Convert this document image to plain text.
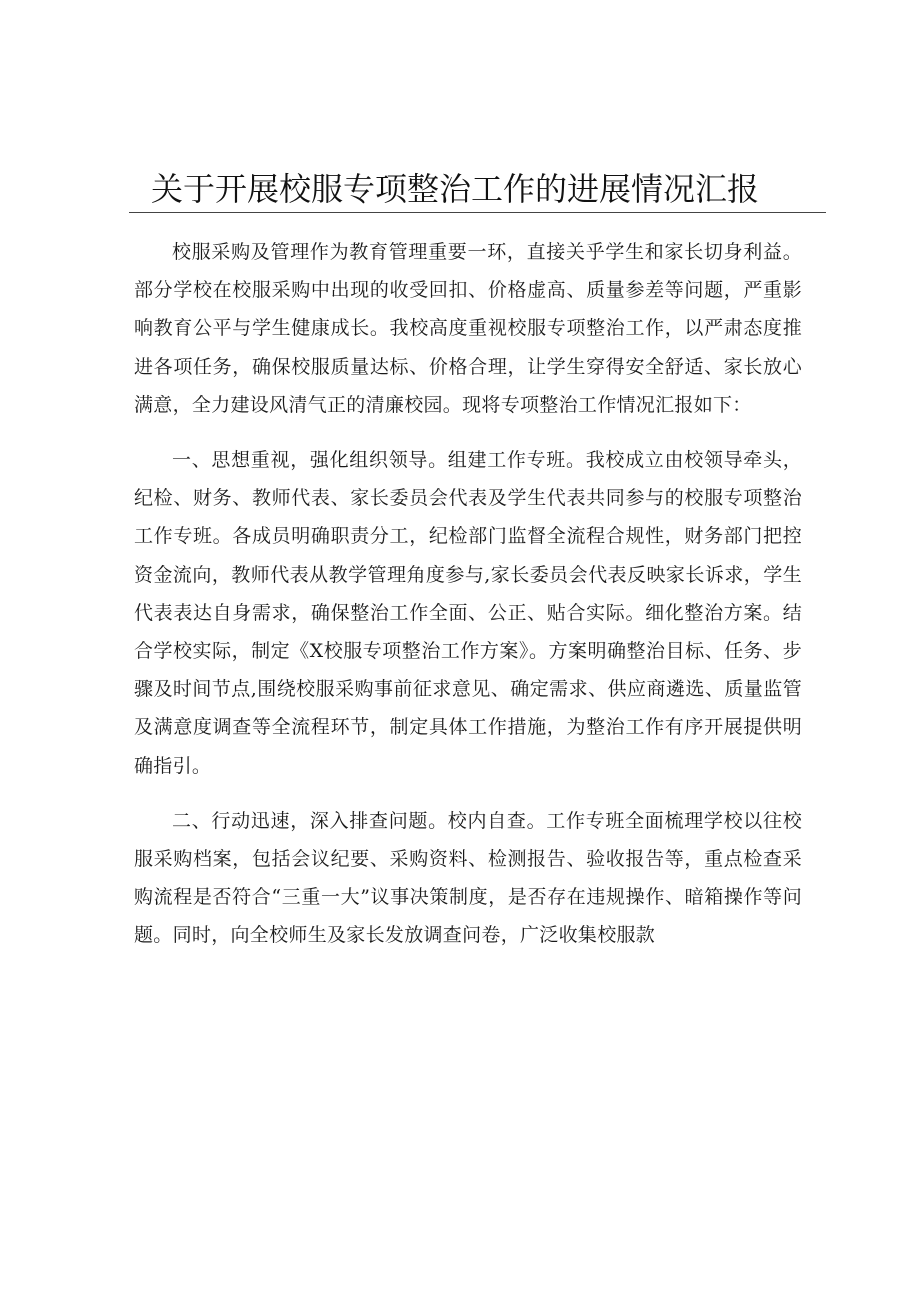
关于开展校服专项整治工作的进展情况汇报

校服采购及管理作为教育管理重要一环，直接关乎学生和家长切身利益。部分学校在校服采购中出现的收受回扣、价格虚高、质量参差等问题，严重影响教育公平与学生健康成长。我校高度重视校服专项整治工作，以严肃态度推进各项任务，确保校服质量达标、价格合理，让学生穿得安全舒适、家长放心满意，全力建设风清气正的清廉校园。现将专项整治工作情况汇报如下：

一、思想重视，强化组织领导。组建工作专班。我校成立由校领导牵头，纪检、财务、教师代表、家长委员会代表及学生代表共同参与的校服专项整治工作专班。各成员明确职责分工，纪检部门监督全流程合规性，财务部门把控资金流向，教师代表从教学管理角度参与,家长委员会代表反映家长诉求，学生代表表达自身需求，确保整治工作全面、公正、贴合实际。细化整治方案。结合学校实际，制定《X校服专项整治工作方案》。方案明确整治目标、任务、步骤及时间节点,围绕校服采购事前征求意见、确定需求、供应商遴选、质量监管及满意度调查等全流程环节，制定具体工作措施，为整治工作有序开展提供明确指引。

二、行动迅速，深入排查问题。校内自查。工作专班全面梳理学校以往校服采购档案，包括会议纪要、采购资料、检测报告、验收报告等，重点检查采购流程是否符合“三重一大”议事决策制度，是否存在违规操作、暗箱操作等问题。同时，向全校师生及家长发放调查问卷，广泛收集校服款
